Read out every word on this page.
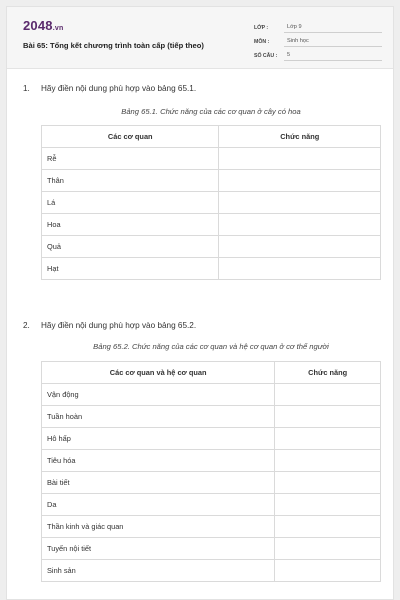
2048.vn
Bài 65: Tổng kết chương trình toàn cấp (tiếp theo)
LỚP :	Lớp 9
MÔN :	Sinh học
SỐ CÂU :	5
1. Hãy điền nội dung phù hợp vào bảng 65.1.
Bảng 65.1. Chức năng của các cơ quan ở cây có hoa
Các cơ quan	Chức năng
Rễ	
Thân	
Lá	
Hoa	
Quả	
Hạt	
2. Hãy điền nội dung phù hợp vào bảng 65.2.
Bảng 65.2. Chức năng của các cơ quan và hệ cơ quan ở cơ thể người
Các cơ quan và hệ cơ quan	Chức năng
Vận động	
Tuần hoàn	
Hô hấp	
Tiêu hóa	
Bài tiết	
Da	
Thần kinh và giác quan	
Tuyến nội tiết	
Sinh sản	
